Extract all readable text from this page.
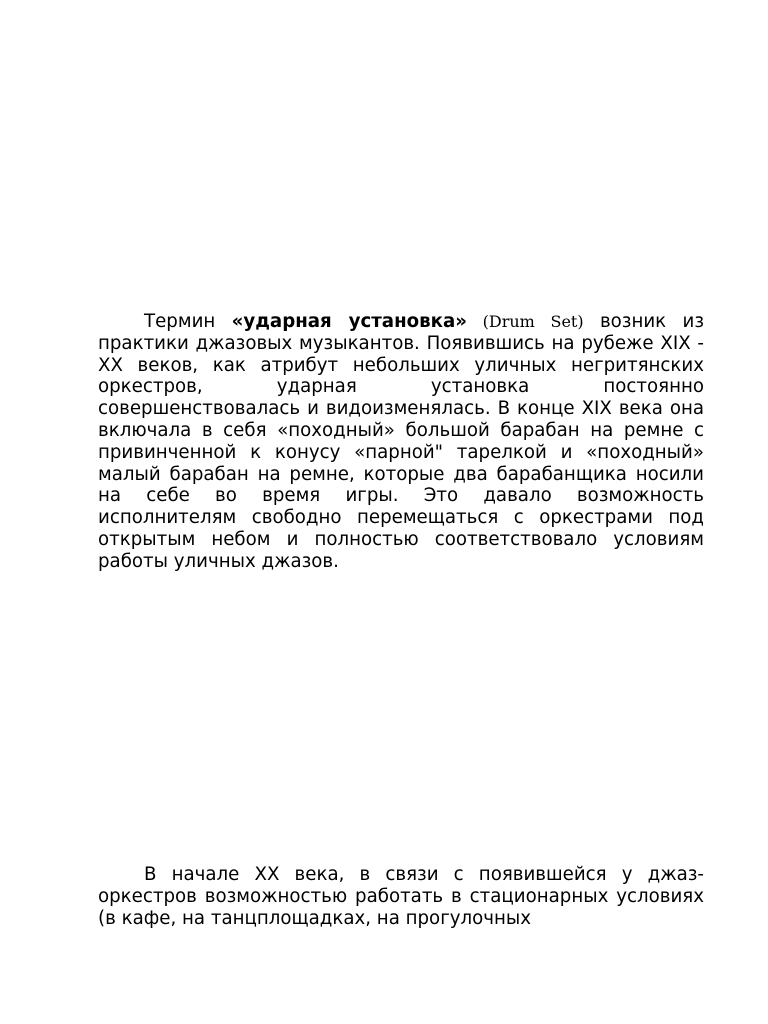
Термин «ударная установка» (Drum Set) возник из практики джазовых музыкантов. Появившись на рубеже XIX - XX веков, как атрибут небольших уличных негритянских оркестров, ударная установка постоянно совершенствовалась и видоизменялась. В конце XIX века она включала в себя «походный» большой барабан на ремне с привинченной к конусу «парной" тарелкой и «походный» малый барабан на ремне, которые два барабанщика носили на себе во время игры. Это давало возможность исполнителям свободно перемещаться с оркестрами под открытым небом и полностью соответствовало условиям работы уличных джазов.

В начале XX века, в связи с появившейся у джаз-оркестров возможностью работать в стационарных условиях (в кафе, на танцплощадках, на прогулочных
